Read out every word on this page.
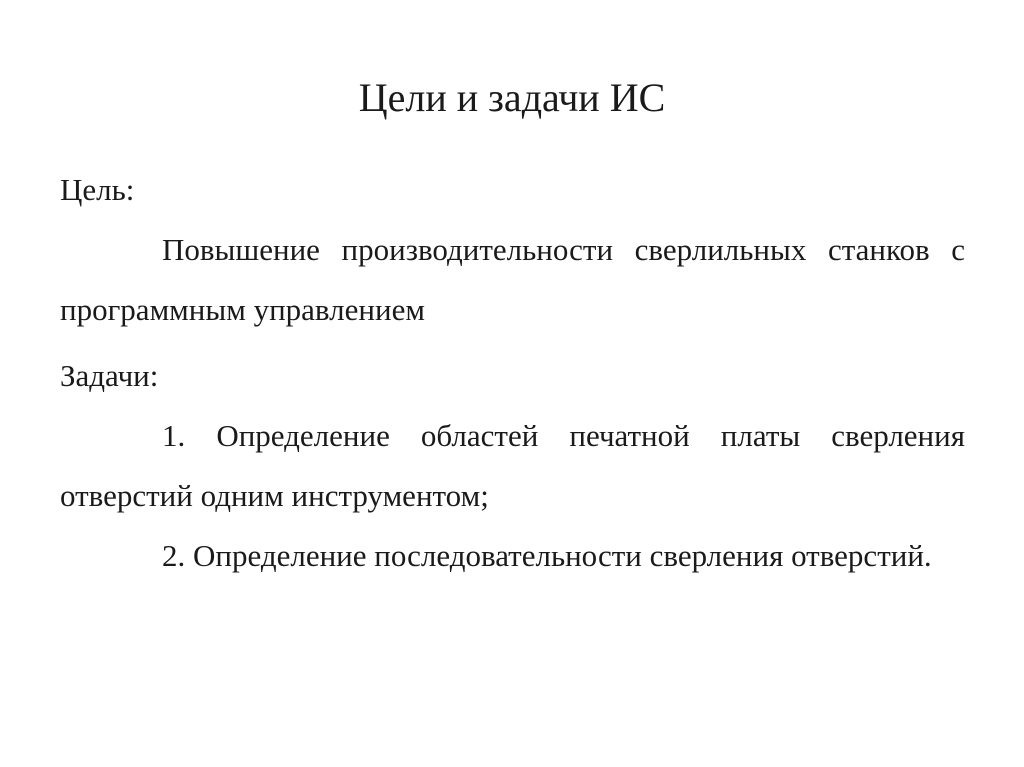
Цели и задачи ИС

Цель:

Повышение производительности сверлильных станков с программным управлением

Задачи:

1. Определение областей печатной платы сверления отверстий одним инструментом;

2. Определение последовательности сверления отверстий.
